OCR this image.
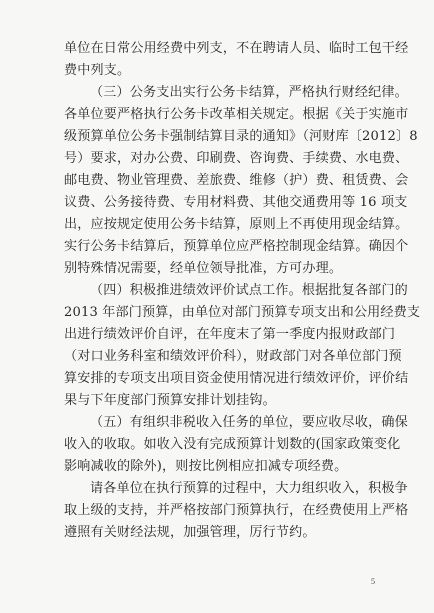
单位在日常公用经费中列支，不在聘请人员、临时工包干经
费中列支。
（三）公务支出实行公务卡结算，严格执行财经纪律。
各单位要严格执行公务卡改革相关规定。根据《关于实施市
级预算单位公务卡强制结算目录的通知》（河财库〔2012〕8
号）要求，对办公费、印刷费、咨询费、手续费、水电费、
邮电费、物业管理费、差旅费、维修（护）费、租赁费、会
议费、公务接待费、专用材料费、其他交通费用等 16 项支
出，应按规定使用公务卡结算，原则上不再使用现金结算。
实行公务卡结算后，预算单位应严格控制现金结算。确因个
别特殊情况需要，经单位领导批准，方可办理。
（四）积极推进绩效评价试点工作。根据批复各部门的
2013 年部门预算，由单位对部门预算专项支出和公用经费支
出进行绩效评价自评，在年度末了第一季度内报财政部门
（对口业务科室和绩效评价科），财政部门对各单位部门预
算安排的专项支出项目资金使用情况进行绩效评价，评价结
果与下年度部门预算安排计划挂钩。
（五）有组织非税收入任务的单位，要应收尽收，确保
收入的收取。如收入没有完成预算计划数的(国家政策变化
影响减收的除外)，则按比例相应扣减专项经费。
请各单位在执行预算的过程中，大力组织收入，积极争
取上级的支持，并严格按部门预算执行，在经费使用上严格
遵照有关财经法规，加强管理，厉行节约。
5
